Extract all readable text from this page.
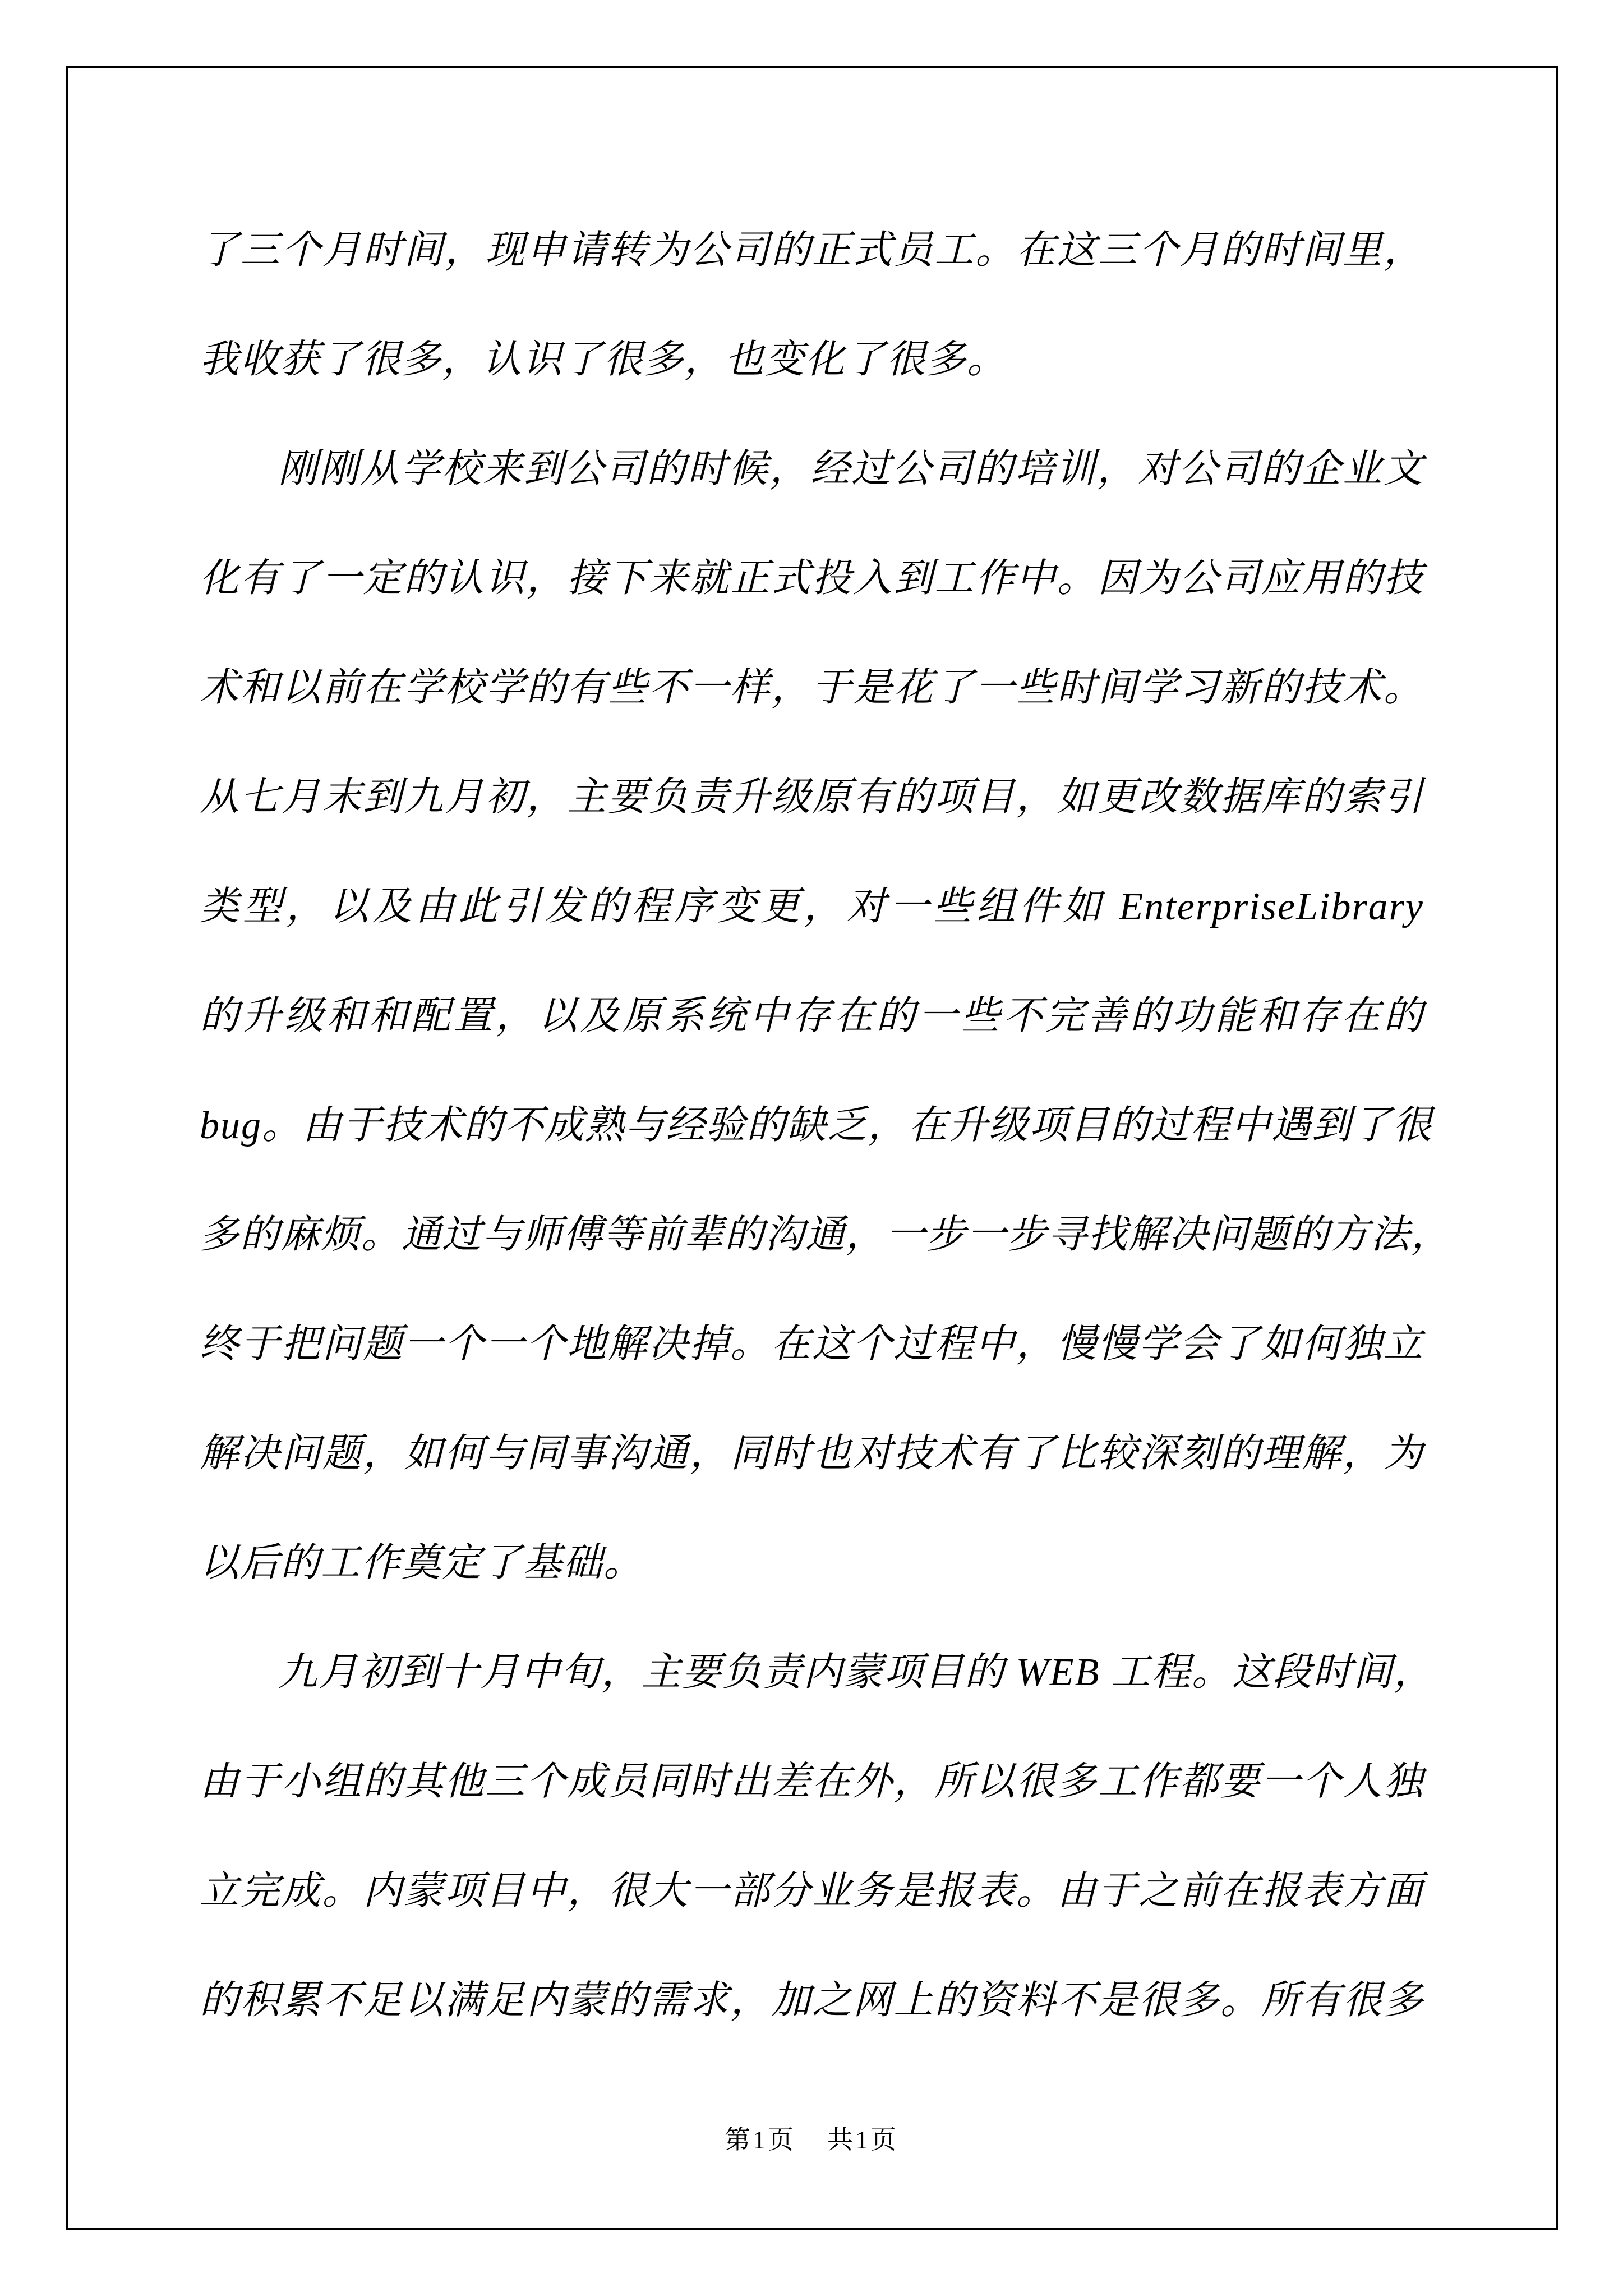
了三个月时间，现申请转为公司的正式员工。在这三个月的时间里，
我收获了很多，认识了很多，也变化了很多。
刚刚从学校来到公司的时候，经过公司的培训，对公司的企业文
化有了一定的认识，接下来就正式投入到工作中。因为公司应用的技
术和以前在学校学的有些不一样，于是花了一些时间学习新的技术。
从七月末到九月初，主要负责升级原有的项目，如更改数据库的索引
类型，以及由此引发的程序变更，对一些组件如 EnterpriseLibrary
的升级和和配置，以及原系统中存在的一些不完善的功能和存在的
bug。由于技术的不成熟与经验的缺乏，在升级项目的过程中遇到了很
多的麻烦。通过与师傅等前辈的沟通，一步一步寻找解决问题的方法，
终于把问题一个一个地解决掉。在这个过程中，慢慢学会了如何独立
解决问题，如何与同事沟通，同时也对技术有了比较深刻的理解，为
以后的工作奠定了基础。
九月初到十月中旬，主要负责内蒙项目的 WEB 工程。这段时间，
由于小组的其他三个成员同时出差在外，所以很多工作都要一个人独
立完成。内蒙项目中，很大一部分业务是报表。由于之前在报表方面
的积累不足以满足内蒙的需求，加之网上的资料不是很多。所有很多
第1页 共1页
